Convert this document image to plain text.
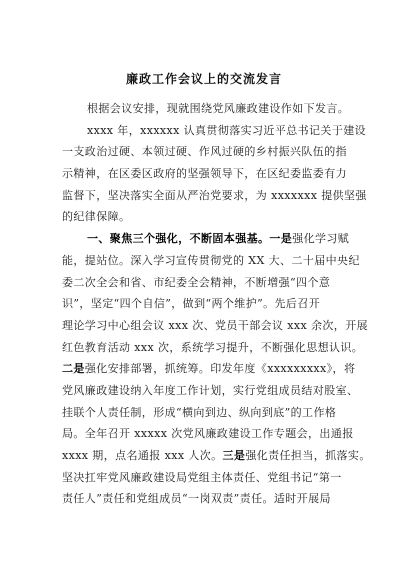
廉政工作会议上的交流发言
根据会议安排，现就围绕党风廉政建设作如下发言。
xxxx 年，xxxxxx 认真贯彻落实习近平总书记关于建设
一支政治过硬、本领过硬、作风过硬的乡村振兴队伍的指
示精神，在区委区政府的坚强领导下，在区纪委监委有力
监督下，坚决落实全面从严治党要求，为 xxxxxxx 提供坚强
的纪律保障。
一、聚焦三个强化，不断固本强基。一是强化学习赋
能，提站位。深入学习宣传贯彻党的 XX 大、二十届中央纪
委二次全会和省、市纪委全会精神，不断增强“四个意
识”，坚定“四个自信”，做到“两个维护”。先后召开
理论学习中心组会议 xxx 次、党员干部会议 xxx 余次，开展
红色教育活动 xxx 次，系统学习提升，不断强化思想认识。
二是强化安排部署，抓统筹。印发年度《xxxxxxxxx》，将
党风廉政建设纳入年度工作计划，实行党组成员结对股室、
挂联个人责任制，形成“横向到边、纵向到底”的工作格
局。全年召开 xxxxx 次党风廉政建设工作专题会，出通报
xxxx 期，点名通报 xxx 人次。三是强化责任担当，抓落实。
坚决扛牢党风廉政建设局党组主体责任、党组书记“第一
责任人”责任和党组成员“一岗双责”责任。适时开展局
